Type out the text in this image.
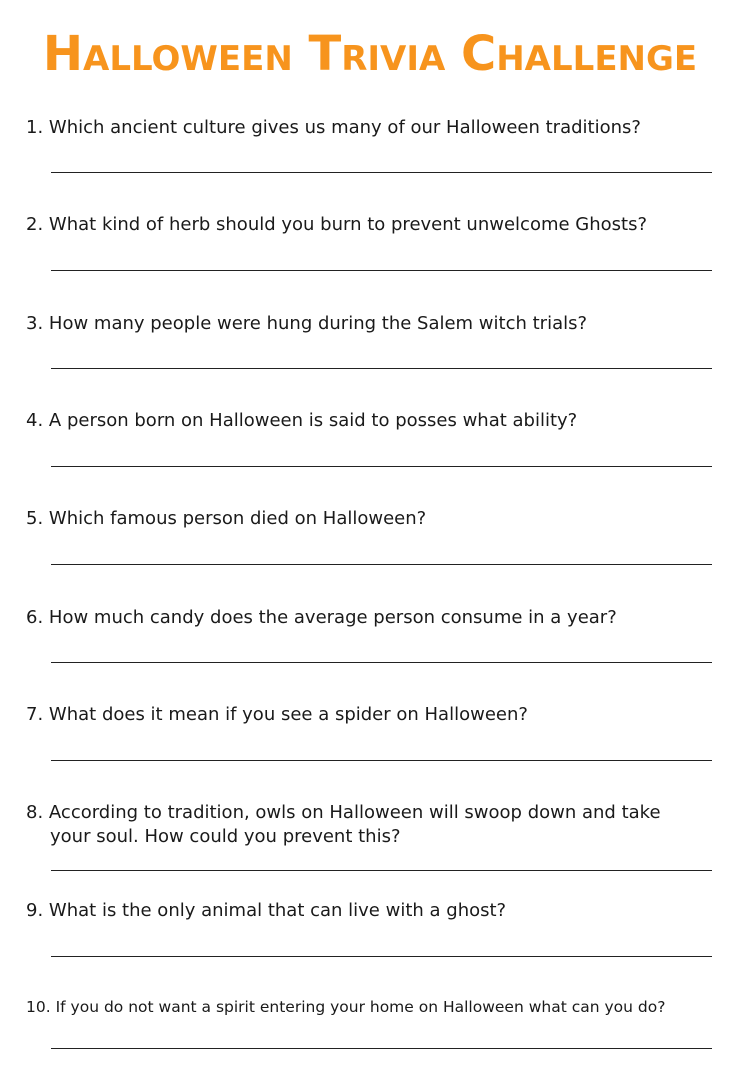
HALLOWEEN TRIVIA CHALLENGE
1. Which ancient culture gives us many of our Halloween traditions?
2. What kind of herb should you burn to prevent unwelcome Ghosts?
3. How many people were hung during the Salem witch trials?
4. A person born on Halloween is said to posses what ability?
5. Which famous person died on Halloween?
6. How much candy does the average person consume in a year?
7. What does it mean if you see a spider on Halloween?
8. According to tradition, owls on Halloween will swoop down and take
your soul. How could you prevent this?
9. What is the only animal that can live with a ghost?
10. If you do not want a spirit entering your home on Halloween what can you do?
